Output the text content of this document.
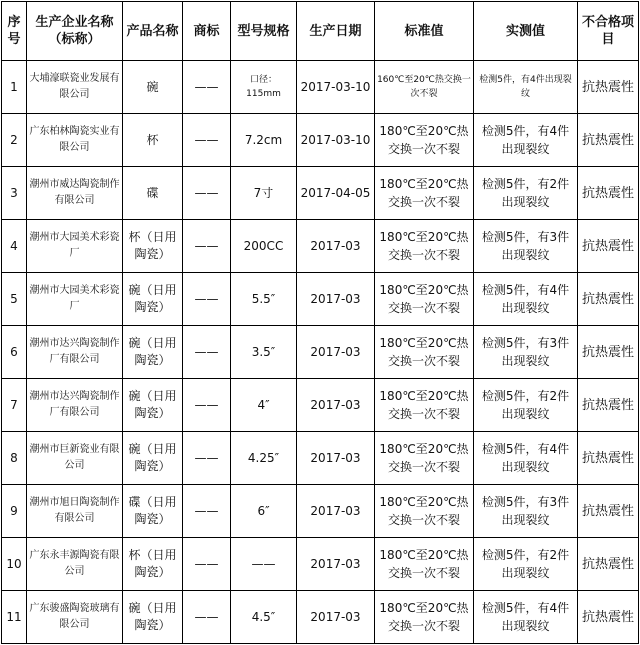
序号	生产企业名称（标称）	产品名称	商标	型号规格	生产日期	标准值	实测值	不合格项目
1	大埔濠联瓷业发展有限公司	碗	——	口径：115mm	2017-03-10	160℃至20℃热交换一次不裂	检测5件，有4件出现裂纹	抗热震性
2	广东柏林陶瓷实业有限公司	杯	——	7.2cm	2017-03-10	180℃至20℃热交换一次不裂	检测5件，有4件出现裂纹	抗热震性
3	潮州市威达陶瓷制作有限公司	碟	——	7寸	2017-04-05	180℃至20℃热交换一次不裂	检测5件，有2件出现裂纹	抗热震性
4	潮州市大园美术彩瓷厂	杯（日用陶瓷）	——	200CC	2017-03	180℃至20℃热交换一次不裂	检测5件，有3件出现裂纹	抗热震性
5	潮州市大园美术彩瓷厂	碗（日用陶瓷）	——	5.5″	2017-03	180℃至20℃热交换一次不裂	检测5件，有4件出现裂纹	抗热震性
6	潮州市达兴陶瓷制作厂有限公司	碗（日用陶瓷）	——	3.5″	2017-03	180℃至20℃热交换一次不裂	检测5件，有3件出现裂纹	抗热震性
7	潮州市达兴陶瓷制作厂有限公司	碗（日用陶瓷）	——	4″	2017-03	180℃至20℃热交换一次不裂	检测5件，有2件出现裂纹	抗热震性
8	潮州市巨新瓷业有限公司	碗（日用陶瓷）	——	4.25″	2017-03	180℃至20℃热交换一次不裂	检测5件，有4件出现裂纹	抗热震性
9	潮州市旭日陶瓷制作有限公司	碟（日用陶瓷）	——	6″	2017-03	180℃至20℃热交换一次不裂	检测5件，有3件出现裂纹	抗热震性
10	广东永丰源陶瓷有限公司	杯（日用陶瓷）	——	——	2017-03	180℃至20℃热交换一次不裂	检测5件，有2件出现裂纹	抗热震性
11	广东骏盛陶瓷玻璃有限公司	碗（日用陶瓷）	——	4.5″	2017-03	180℃至20℃热交换一次不裂	检测5件，有4件出现裂纹	抗热震性
